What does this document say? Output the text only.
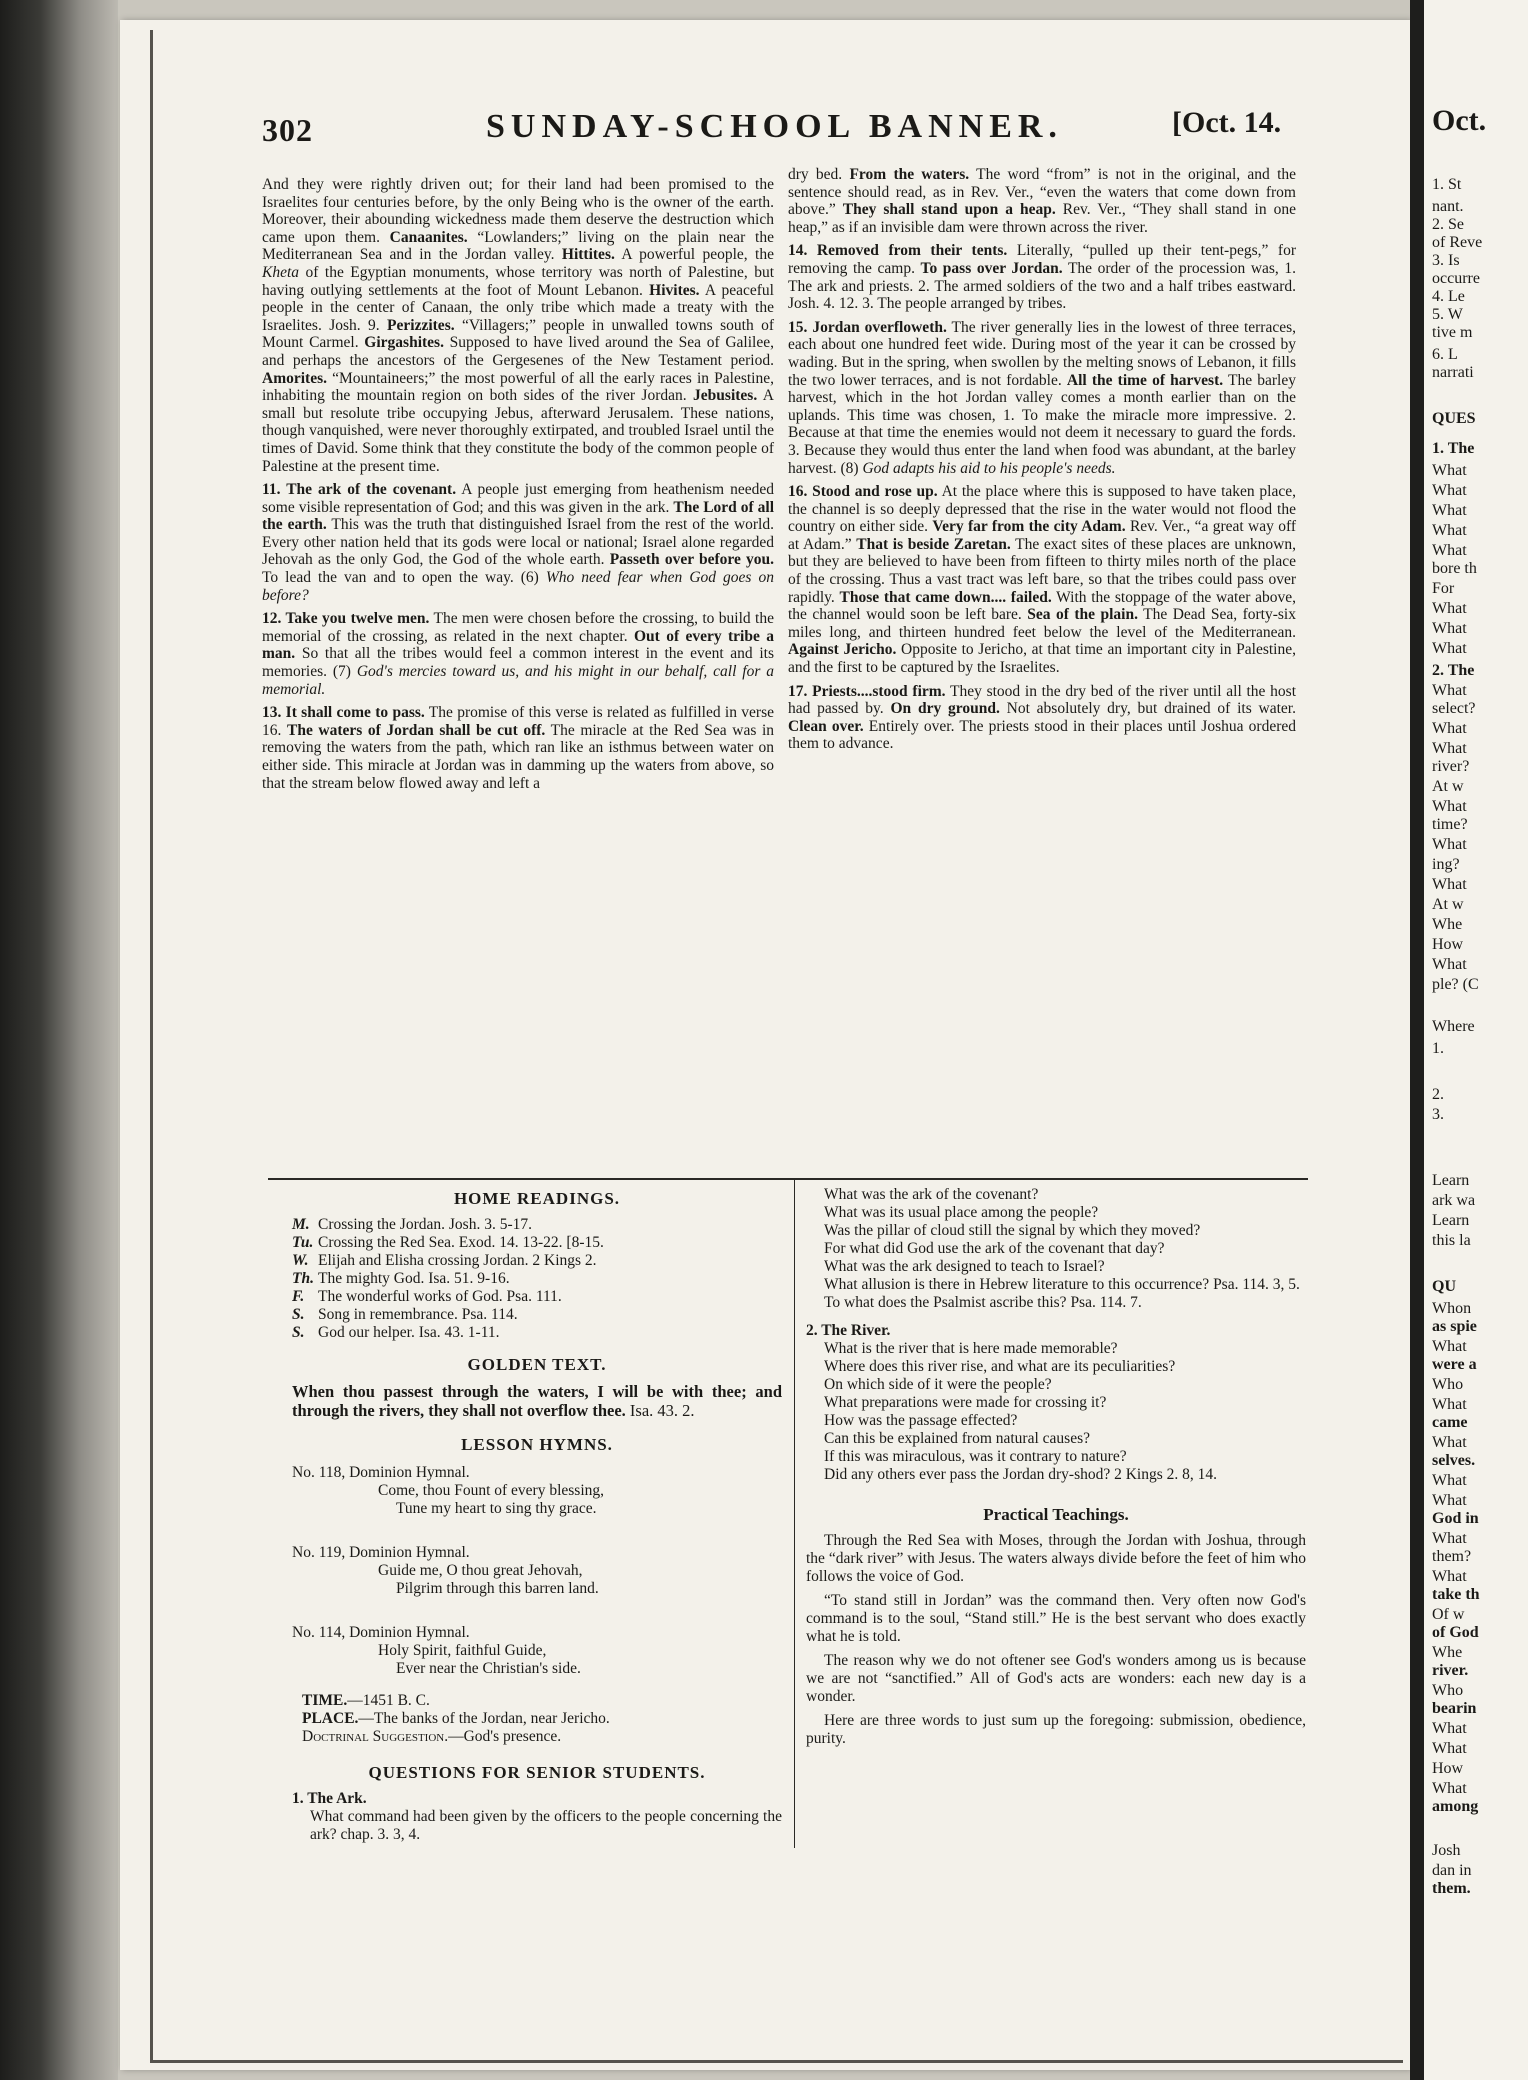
302	SUNDAY-SCHOOL BANNER.	[Oct. 14.

And they were rightly driven out; for their land had been promised to the Israelites four centuries before, by the only Being who is the owner of the earth. Moreover, their abounding wickedness made them deserve the destruction which came upon them. Canaanites. “Lowlanders;” living on the plain near the Mediterranean Sea and in the Jordan valley. Hittites. A powerful people, the Kheta of the Egyptian monuments, whose territory was north of Palestine, but having outlying settlements at the foot of Mount Lebanon. Hivites. A peaceful people in the center of Canaan, the only tribe which made a treaty with the Israelites. Josh. 9. Perizzites. “Villagers;” people in unwalled towns south of Mount Carmel. Girgashites. Supposed to have lived around the Sea of Galilee, and perhaps the ancestors of the Gergesenes of the New Testament period. Amorites. “Mountaineers;” the most powerful of all the early races in Palestine, inhabiting the mountain region on both sides of the river Jordan. Jebusites. A small but resolute tribe occupying Jebus, afterward Jerusalem. These nations, though vanquished, were never thoroughly extirpated, and troubled Israel until the times of David. Some think that they constitute the body of the common people of Palestine at the present time.

11. The ark of the covenant. A people just emerging from heathenism needed some visible representation of God; and this was given in the ark. The Lord of all the earth. This was the truth that distinguished Israel from the rest of the world. Every other nation held that its gods were local or national; Israel alone regarded Jehovah as the only God, the God of the whole earth. Passeth over before you. To lead the van and to open the way. (6) Who need fear when God goes on before?

12. Take you twelve men. The men were chosen before the crossing, to build the memorial of the crossing, as related in the next chapter. Out of every tribe a man. So that all the tribes would feel a common interest in the event and its memories. (7) God's mercies toward us, and his might in our behalf, call for a memorial.

13. It shall come to pass. The promise of this verse is related as fulfilled in verse 16. The waters of Jordan shall be cut off. The miracle at the Red Sea was in removing the waters from the path, which ran like an isthmus between water on either side. This miracle at Jordan was in damming up the waters from above, so that the stream below flowed away and left a

dry bed. From the waters. The word “from” is not in the original, and the sentence should read, as in Rev. Ver., “even the waters that come down from above.” They shall stand upon a heap. Rev. Ver., “They shall stand in one heap,” as if an invisible dam were thrown across the river.

14. Removed from their tents. Literally, “pulled up their tent-pegs,” for removing the camp. To pass over Jordan. The order of the procession was, 1. The ark and priests. 2. The armed soldiers of the two and a half tribes eastward. Josh. 4. 12. 3. The people arranged by tribes.

15. Jordan overfloweth. The river generally lies in the lowest of three terraces, each about one hundred feet wide. During most of the year it can be crossed by wading. But in the spring, when swollen by the melting snows of Lebanon, it fills the two lower terraces, and is not fordable. All the time of harvest. The barley harvest, which in the hot Jordan valley comes a month earlier than on the uplands. This time was chosen, 1. To make the miracle more impressive. 2. Because at that time the enemies would not deem it necessary to guard the fords. 3. Because they would thus enter the land when food was abundant, at the barley harvest. (8) God adapts his aid to his people's needs.

16. Stood and rose up. At the place where this is supposed to have taken place, the channel is so deeply depressed that the rise in the water would not flood the country on either side. Very far from the city Adam. Rev. Ver., “a great way off at Adam.” That is beside Zaretan. The exact sites of these places are unknown, but they are believed to have been from fifteen to thirty miles north of the place of the crossing. Thus a vast tract was left bare, so that the tribes could pass over rapidly. Those that came down.... failed. With the stoppage of the water above, the channel would soon be left bare. Sea of the plain. The Dead Sea, forty-six miles long, and thirteen hundred feet below the level of the Mediterranean. Against Jericho. Opposite to Jericho, at that time an important city in Palestine, and the first to be captured by the Israelites.

17. Priests....stood firm. They stood in the dry bed of the river until all the host had passed by. On dry ground. Not absolutely dry, but drained of its water. Clean over. Entirely over. The priests stood in their places until Joshua ordered them to advance.

HOME READINGS.
M. Crossing the Jordan. Josh. 3. 5-17.
Tu. Crossing the Red Sea. Exod. 14. 13-22. [8-15.
W. Elijah and Elisha crossing Jordan. 2 Kings 2.
Th. The mighty God. Isa. 51. 9-16.
F. The wonderful works of God. Psa. 111.
S. Song in remembrance. Psa. 114.
S. God our helper. Isa. 43. 1-11.
GOLDEN TEXT.
When thou passest through the waters, I will be with thee; and through the rivers, they shall not overflow thee. Isa. 43. 2.
LESSON HYMNS.
No. 118, Dominion Hymnal.
Come, thou Fount of every blessing,
Tune my heart to sing thy grace.
No. 119, Dominion Hymnal.
Guide me, O thou great Jehovah,
Pilgrim through this barren land.
No. 114, Dominion Hymnal.
Holy Spirit, faithful Guide,
Ever near the Christian's side.
TIME.—1451 B. C.
PLACE.—The banks of the Jordan, near Jericho.
Doctrinal Suggestion.—God's presence.
QUESTIONS FOR SENIOR STUDENTS.
1. The Ark.
What command had been given by the officers to the people concerning the ark? chap. 3. 3, 4.
What was the ark of the covenant?
What was its usual place among the people?
Was the pillar of cloud still the signal by which they moved?
For what did God use the ark of the covenant that day?
What was the ark designed to teach to Israel?
What allusion is there in Hebrew literature to this occurrence? Psa. 114. 3, 5.
To what does the Psalmist ascribe this? Psa. 114. 7.
2. The River.
What is the river that is here made memorable?
Where does this river rise, and what are its peculiarities?
On which side of it were the people?
What preparations were made for crossing it?
How was the passage effected?
Can this be explained from natural causes?
If this was miraculous, was it contrary to nature?
Did any others ever pass the Jordan dry-shod? 2 Kings 2. 8, 14.
Practical Teachings.

Through the Red Sea with Moses, through the Jordan with Joshua, through the “dark river” with Jesus. The waters always divide before the feet of him who follows the voice of God.

“To stand still in Jordan” was the command then. Very often now God's command is to the soul, “Stand still.” He is the best servant who does exactly what he is told.

The reason why we do not oftener see God's wonders among us is because we are not “sanctified.” All of God's acts are wonders: each new day is a wonder.

Here are three words to just sum up the foregoing: submission, obedience, purity.

Oct.
1. St
nant.
2. Se
of Reve
3. Is
occurre
4. Le
5. W
tive m
6. L
narrati
QUES
1. The
What
What
What
What
What
bore th
For
What
What
What
2. The
What
select?
What
What
river?
At w
What
time?
What
ing?
What
At w
Whe
How
What
ple? (C
Where
1.
2.
3.
Learn
ark wa
Learn
this la
QU
Whon
as spie
What
were a
Who
What
came
What
selves.
What
What
God in
What
them?
What
take th
Of w
of God
Whe
river.
Who
bearin
What
What
How
What
among
Josh
dan in
them.
